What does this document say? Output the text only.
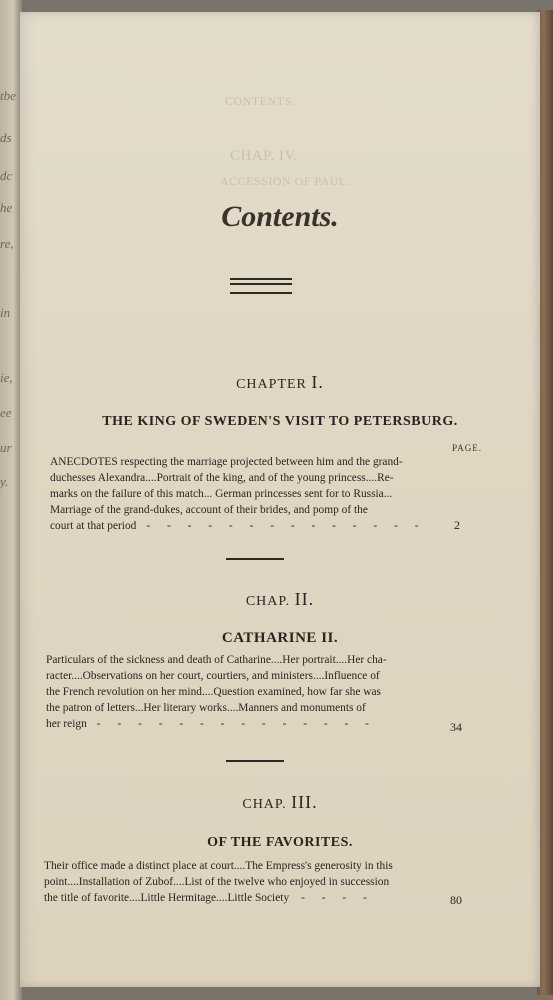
tbe
ds
dc
he
re,
in
ie,
ee
ur
y.
CONTENTS.
CHAP. IV.
ACCESSION OF PAUL.
Contents.
CHAPTER I.
THE KING OF SWEDEN'S VISIT TO PETERSBURG.
PAGE.
ANECDOTES respecting the marriage projected between him and the grand-
duchesses Alexandra....Portrait of the king, and of the young princess....Re-
marks on the failure of this match... German princesses sent for to Russia...
Marriage of the grand-dukes, account of their brides, and pomp of the
court at that period - - - - - - - - - - - - - - 2
CHAP. II.
CATHARINE II.
Particulars of the sickness and death of Catharine....Her portrait....Her cha-
racter....Observations on her court, courtiers, and ministers....Influence of
the French revolution on her mind....Question examined, how far she was
the patron of letters...Her literary works....Manners and monuments of
her reign - - - - - - - - - - - - - -	34
CHAP. III.
OF THE FAVORITES.
Their office made a distinct place at court....The Empress's generosity in this
point....Installation of Zubof....List of the twelve who enjoyed in succession
the title of favorite....Little Hermitage....Little Society - - - -	80
